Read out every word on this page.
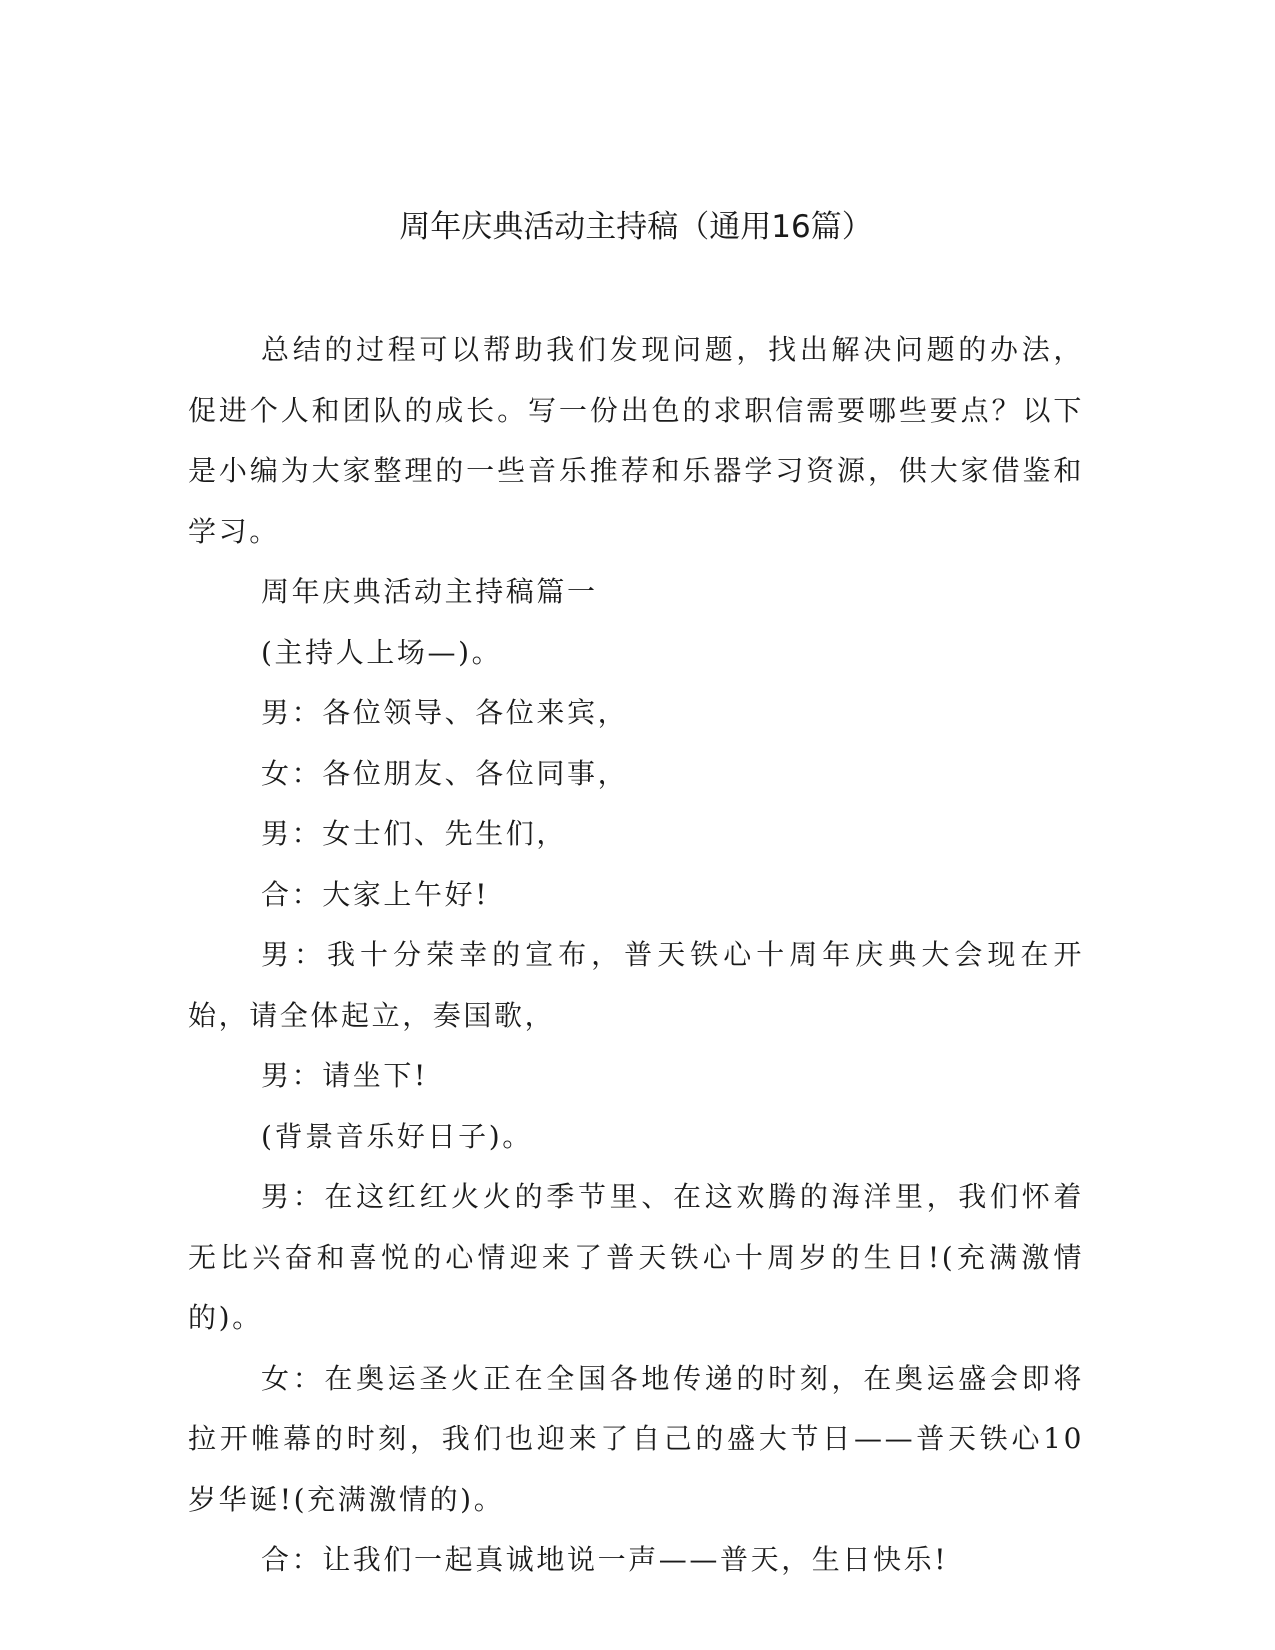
周年庆典活动主持稿（通用16篇）

总结的过程可以帮助我们发现问题，找出解决问题的办法，促进个人和团队的成长。写一份出色的求职信需要哪些要点？以下是小编为大家整理的一些音乐推荐和乐器学习资源，供大家借鉴和学习。

周年庆典活动主持稿篇一

(主持人上场—)。

男：各位领导、各位来宾，

女：各位朋友、各位同事，

男：女士们、先生们，

合：大家上午好!

男：我十分荣幸的宣布，普天铁心十周年庆典大会现在开始，请全体起立，奏国歌，

男：请坐下!

(背景音乐好日子)。

男：在这红红火火的季节里、在这欢腾的海洋里，我们怀着无比兴奋和喜悦的心情迎来了普天铁心十周岁的生日!(充满激情的)。

女：在奥运圣火正在全国各地传递的时刻，在奥运盛会即将拉开帷幕的时刻，我们也迎来了自己的盛大节日——普天铁心10岁华诞!(充满激情的)。

合：让我们一起真诚地说一声——普天，生日快乐!
